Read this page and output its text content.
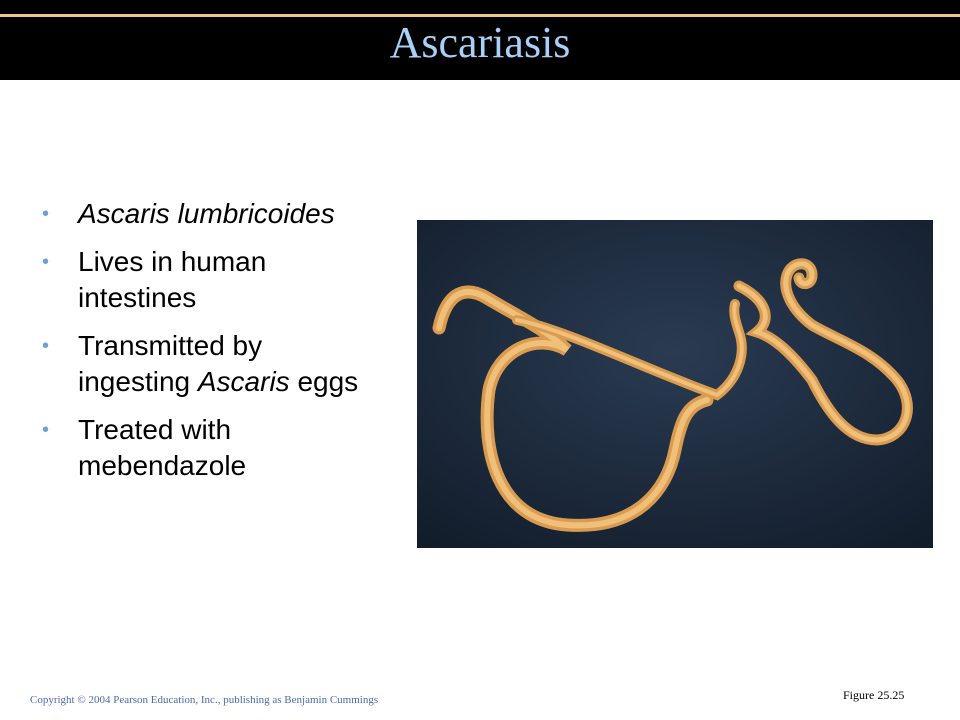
Ascariasis
• Ascaris lumbricoides
• Lives in human intestines
• Transmitted by ingesting Ascaris eggs
• Treated with mebendazole
Figure 25.25
Copyright © 2004 Pearson Education, Inc., publishing as Benjamin Cummings
